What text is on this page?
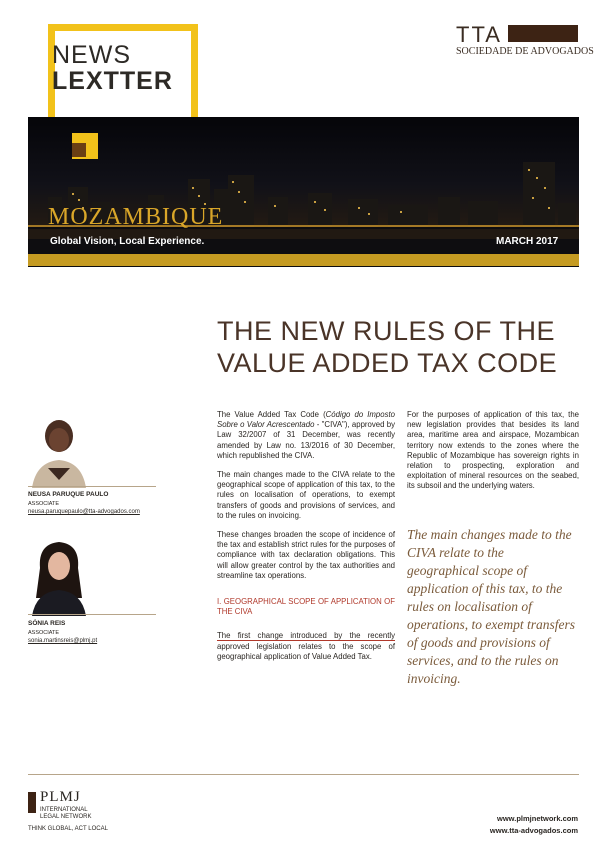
NEWS
LEXTTER
TTA
SOCIEDADE DE ADVOGADOS
MOZAMBIQUE
Global Vision, Local Experience.	MARCH 2017
THE NEW RULES OF THE
VALUE ADDED TAX CODE
NEUSA PARUQUE PAULO
ASSOCIATE
neusa.paruquepaulo@tta-advogados.com
SÓNIA REIS
ASSOCIATE
sonia.martinsreis@plmj.pt

The Value Added Tax Code (Código do Imposto Sobre o Valor Acrescentado - "CIVA"), approved by Law 32/2007 of 31 December, was recently amended by Law no. 13/2016 of 30 December, which republished the CIVA.

The main changes made to the CIVA relate to the geographical scope of application of this tax, to the rules on localisation of operations, to exempt transfers of goods and provisions of services, and to the rules on invoicing.

These changes broaden the scope of incidence of the tax and establish strict rules for the purposes of compliance with tax declaration obligations. This will allow greater control by the tax authorities and streamline tax operations.

I. GEOGRAPHICAL SCOPE OF APPLICATION OF THE CIVA

The first change introduced by the recently approved legislation relates to the scope of geographical application of Value Added Tax.

For the purposes of application of this tax, the new legislation provides that besides its land area, maritime area and airspace, Mozambican territory now extends to the zones where the Republic of Mozambique has sovereign rights in relation to prospecting, exploration and exploitation of mineral resources on the seabed, its subsoil and the underlying waters.

The main changes made to the CIVA relate to the geographical scope of application of this tax, to the rules on localisation of operations, to exempt transfers of goods and provisions of services, and to the rules on invoicing.
PLMJ
INTERNATIONAL
LEGAL NETWORK
THINK GLOBAL, ACT LOCAL
www.plmjnetwork.com
www.tta-advogados.com
